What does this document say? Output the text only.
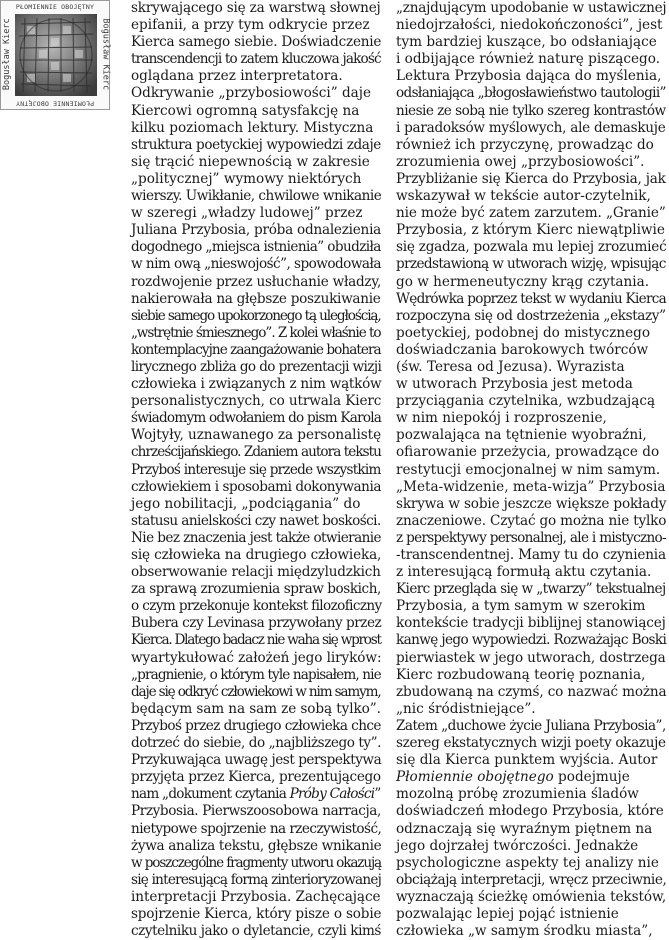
PŁOMIENNIE OBOJĘTNY
PŁOMIENNIE OBOJĘTNY
Bogusław Kierc	Bogusław Kierc
skrywającego się za warstwą słownej
epifanii, a przy tym odkrycie przez
Kierca samego siebie. Doświadczenie
transcendencji to zatem kluczowa jakość
oglądana przez interpretatora.
Odkrywanie „przybosiowości” daje
Kiercowi ogromną satysfakcję na
kilku poziomach lektury. Mistyczna
struktura poetyckiej wypowiedzi zdaje
się trącić niepewnością w zakresie
„politycznej” wymowy niektórych
wierszy. Uwikłanie, chwilowe wnikanie
w szeregi „władzy ludowej” przez
Juliana Przybosia, próba odnalezienia
dogodnego „miejsca istnienia” obudziła
w nim ową „nieswojość”, spowodowała
rozdwojenie przez usłuchanie władzy,
nakierowała na głębsze poszukiwanie
siebie samego upokorzonego tą uległością,
„wstrętnie śmiesznego”. Z kolei właśnie to
kontemplacyjne zaangażowanie bohatera
lirycznego zbliża go do prezentacji wizji
człowieka i związanych z nim wątków
personalistycznych, co utrwala Kierc
świadomym odwołaniem do pism Karola
Wojtyły, uznawanego za personalistę
chrześcijańskiego. Zdaniem autora tekstu
Przyboś interesuje się przede wszystkim
człowiekiem i sposobami dokonywania
jego nobilitacji, „podciągania” do
statusu anielskości czy nawet boskości.
Nie bez znaczenia jest także otwieranie
się człowieka na drugiego człowieka,
obserwowanie relacji międzyludzkich
za sprawą zrozumienia spraw boskich,
o czym przekonuje kontekst filozoficzny
Bubera czy Levinasa przywołany przez
Kierca. Dlatego badacz nie waha się wprost
wyartykułować założeń jego liryków:
„pragnienie, o którym tyle napisałem, nie
daje się odkryć człowiekowi w nim samym,
będącym sam na sam ze sobą tylko”.
Przyboś przez drugiego człowieka chce
dotrzeć do siebie, do „najbliższego ty”.
Przykuwająca uwagę jest perspektywa
przyjęta przez Kierca, prezentującego
nam „dokument czytania Próby Całości”
Przybosia. Pierwszoosobowa narracja,
nietypowe spojrzenie na rzeczywistość,
żywa analiza tekstu, głębsze wnikanie
w poszczególne fragmenty utworu okazują
się interesującą formą zinterioryzowanej
interpretacji Przybosia. Zachęcające
spojrzenie Kierca, który pisze o sobie
czytelniku jako o dyletancie, czyli kimś
„znajdującym upodobanie w ustawicznej
niedojrzałości, niedokończoności”, jest
tym bardziej kuszące, bo odsłaniające
i odbijające również naturę piszącego.
Lektura Przybosia dająca do myślenia,
odsłaniająca „błogosławieństwo tautologii”
niesie ze sobą nie tylko szereg kontrastów
i paradoksów myślowych, ale demaskuje
również ich przyczynę, prowadząc do
zrozumienia owej „przybosiowości”.
Przybliżanie się Kierca do Przybosia, jak
wskazywał w tekście autor-czytelnik,
nie może być zatem zarzutem. „Granie”
Przybosia, z którym Kierc niewątpliwie
się zgadza, pozwala mu lepiej zrozumieć
przedstawioną w utworach wizję, wpisując
go w hermeneutyczny krąg czytania.
Wędrówka poprzez tekst w wydaniu Kierca
rozpoczyna się od dostrzeżenia „ekstazy”
poetyckiej, podobnej do mistycznego
doświadczania barokowych twórców
(św. Teresa od Jezusa). Wyrazista
w utworach Przybosia jest metoda
przyciągania czytelnika, wzbudzającą
w nim niepokój i rozproszenie,
pozwalająca na tętnienie wyobraźni,
ofiarowanie przeżycia, prowadzące do
restytucji emocjonalnej w nim samym.
„Meta-widzenie, meta-wizja” Przybosia
skrywa w sobie jeszcze większe pokłady
znaczeniowe. Czytać go można nie tylko
z perspektywy personalnej, ale i mistyczno-
-transcendentnej. Mamy tu do czynienia
z interesującą formułą aktu czytania.
Kierc przegląda się w „twarzy” tekstualnej
Przybosia, a tym samym w szerokim
kontekście tradycji biblijnej stanowiącej
kanwę jego wypowiedzi. Rozważając Boski
pierwiastek w jego utworach, dostrzega
Kierc rozbudowaną teorię poznania,
zbudowaną na czymś, co nazwać można
„nic śródistniejące”.
Zatem „duchowe życie Juliana Przybosia”,
szereg ekstatycznych wizji poety okazuje
się dla Kierca punktem wyjścia. Autor
Płomiennie obojętnego podejmuje
mozolną próbę zrozumienia śladów
doświadczeń młodego Przybosia, które
odznaczają się wyraźnym piętnem na
jego dojrzałej twórczości. Jednakże
psychologiczne aspekty tej analizy nie
obciążają interpretacji, wręcz przeciwnie,
wyznaczają ścieżkę omówienia tekstów,
pozwalając lepiej pojąć istnienie
człowieka „w samym środku miasta”,
